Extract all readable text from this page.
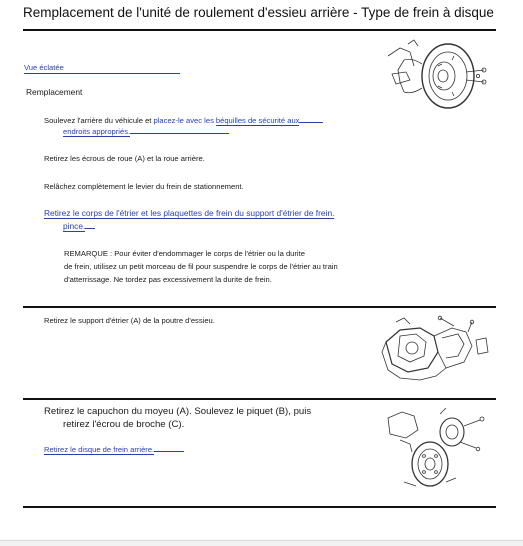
Remplacement de l'unité de roulement d'essieu arrière - Type de frein à disque
Vue éclatée
Remplacement
Soulevez l'arrière du véhicule et placez-le avec les béquilles de sécurité aux
endroits appropriés.
Retirez les écrous de roue (A) et la roue arrière.
Relâchez complètement le levier du frein de stationnement.
Retirez le corps de l'étrier et les plaquettes de frein du support d'étrier de frein.
pince.
REMARQUE : Pour éviter d'endommager le corps de l'étrier ou la durite
de frein, utilisez un petit morceau de fil pour suspendre le corps de l'étrier au train
d'atterrissage. Ne tordez pas excessivement la durite de frein.
Retirez le support d'étrier (A) de la poutre d'essieu.
Retirez le capuchon du moyeu (A). Soulevez le piquet (B), puis
retirez l'écrou de broche (C).
Retirez le disque de frein arrière.
